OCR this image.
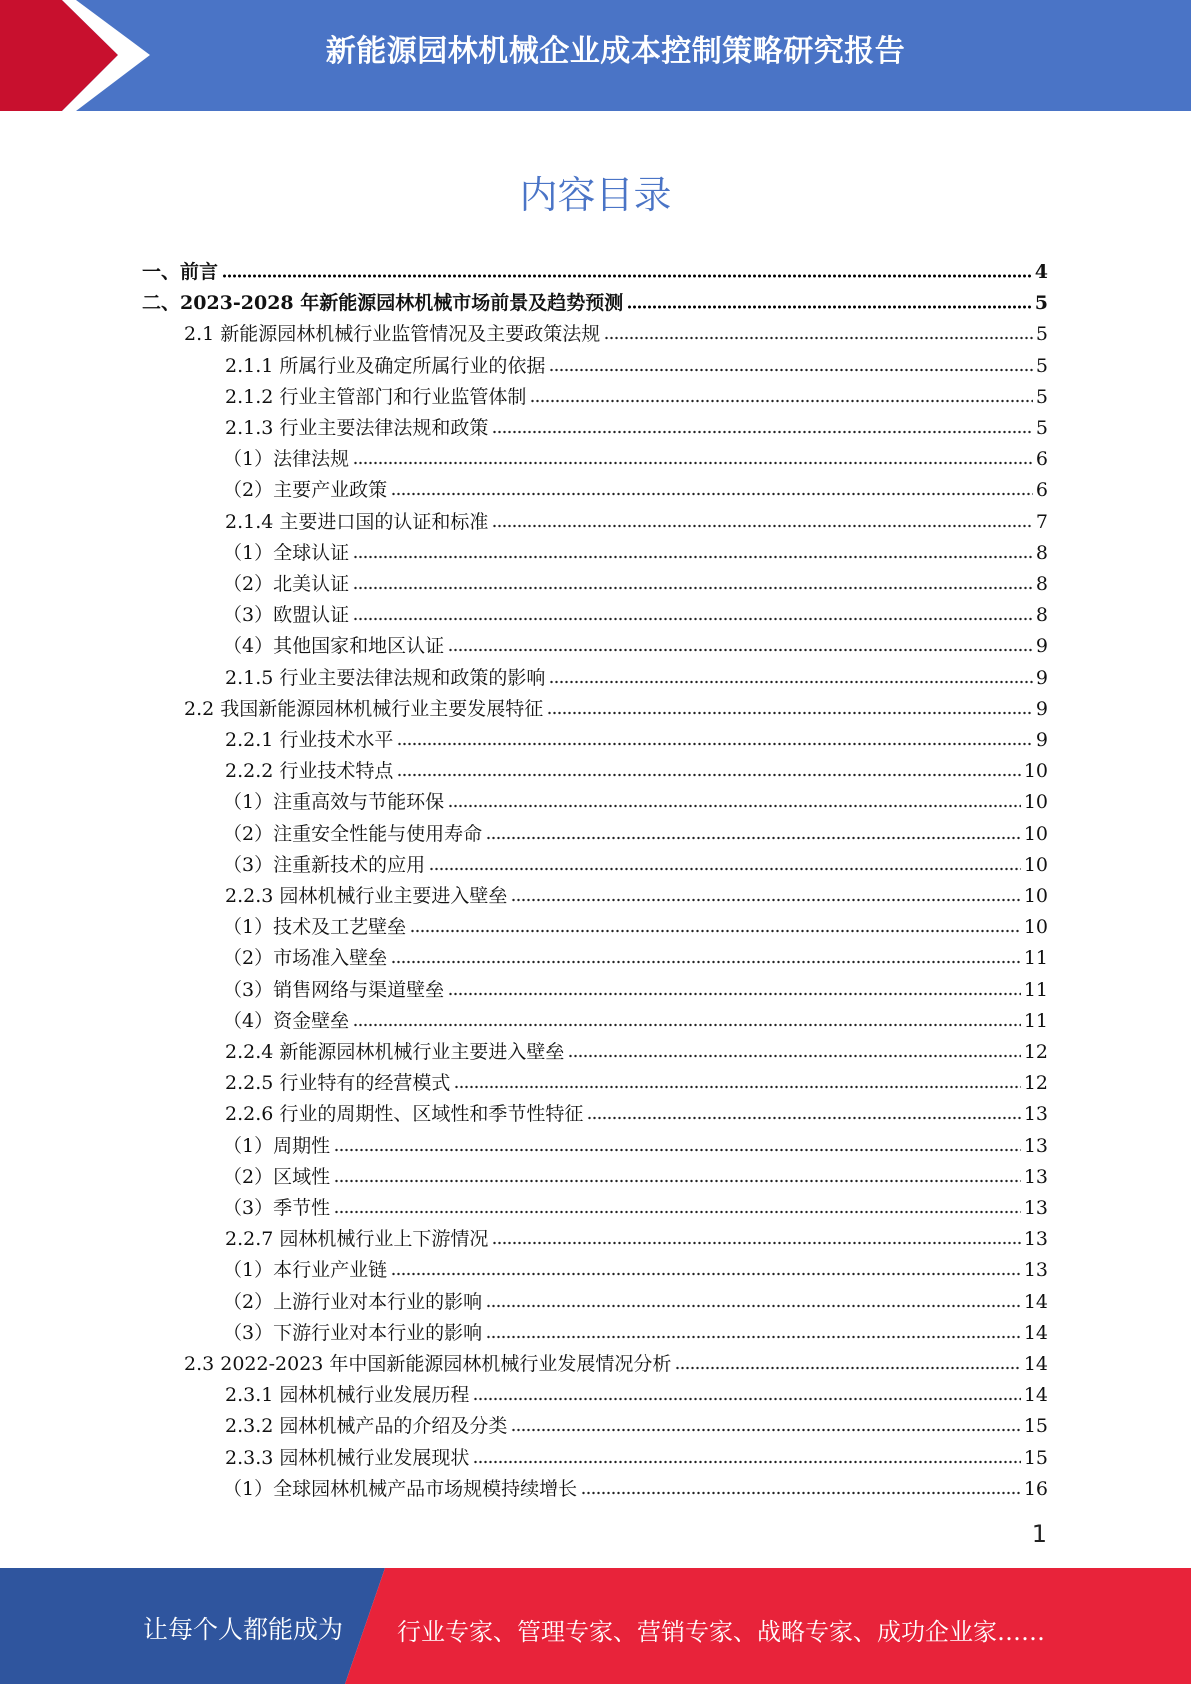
新能源园林机械企业成本控制策略研究报告
内容目录
一、前言	4
二、2023-2028 年新能源园林机械市场前景及趋势预测	5
2.1 新能源园林机械行业监管情况及主要政策法规	5
2.1.1 所属行业及确定所属行业的依据	5
2.1.2 行业主管部门和行业监管体制	5
2.1.3 行业主要法律法规和政策	5
（1）法律法规	6
（2）主要产业政策	6
2.1.4 主要进口国的认证和标准	7
（1）全球认证	8
（2）北美认证	8
（3）欧盟认证	8
（4）其他国家和地区认证	9
2.1.5 行业主要法律法规和政策的影响	9
2.2 我国新能源园林机械行业主要发展特征	9
2.2.1 行业技术水平	9
2.2.2 行业技术特点	10
（1）注重高效与节能环保	10
（2）注重安全性能与使用寿命	10
（3）注重新技术的应用	10
2.2.3 园林机械行业主要进入壁垒	10
（1）技术及工艺壁垒	10
（2）市场准入壁垒	11
（3）销售网络与渠道壁垒	11
（4）资金壁垒	11
2.2.4 新能源园林机械行业主要进入壁垒	12
2.2.5 行业特有的经营模式	12
2.2.6 行业的周期性、区域性和季节性特征	13
（1）周期性	13
（2）区域性	13
（3）季节性	13
2.2.7 园林机械行业上下游情况	13
（1）本行业产业链	13
（2）上游行业对本行业的影响	14
（3）下游行业对本行业的影响	14
2.3 2022-2023 年中国新能源园林机械行业发展情况分析	14
2.3.1 园林机械行业发展历程	14
2.3.2 园林机械产品的介绍及分类	15
2.3.3 园林机械行业发展现状	15
（1）全球园林机械产品市场规模持续增长	16
1
让每个人都能成为 行业专家、管理专家、营销专家、战略专家、成功企业家……
